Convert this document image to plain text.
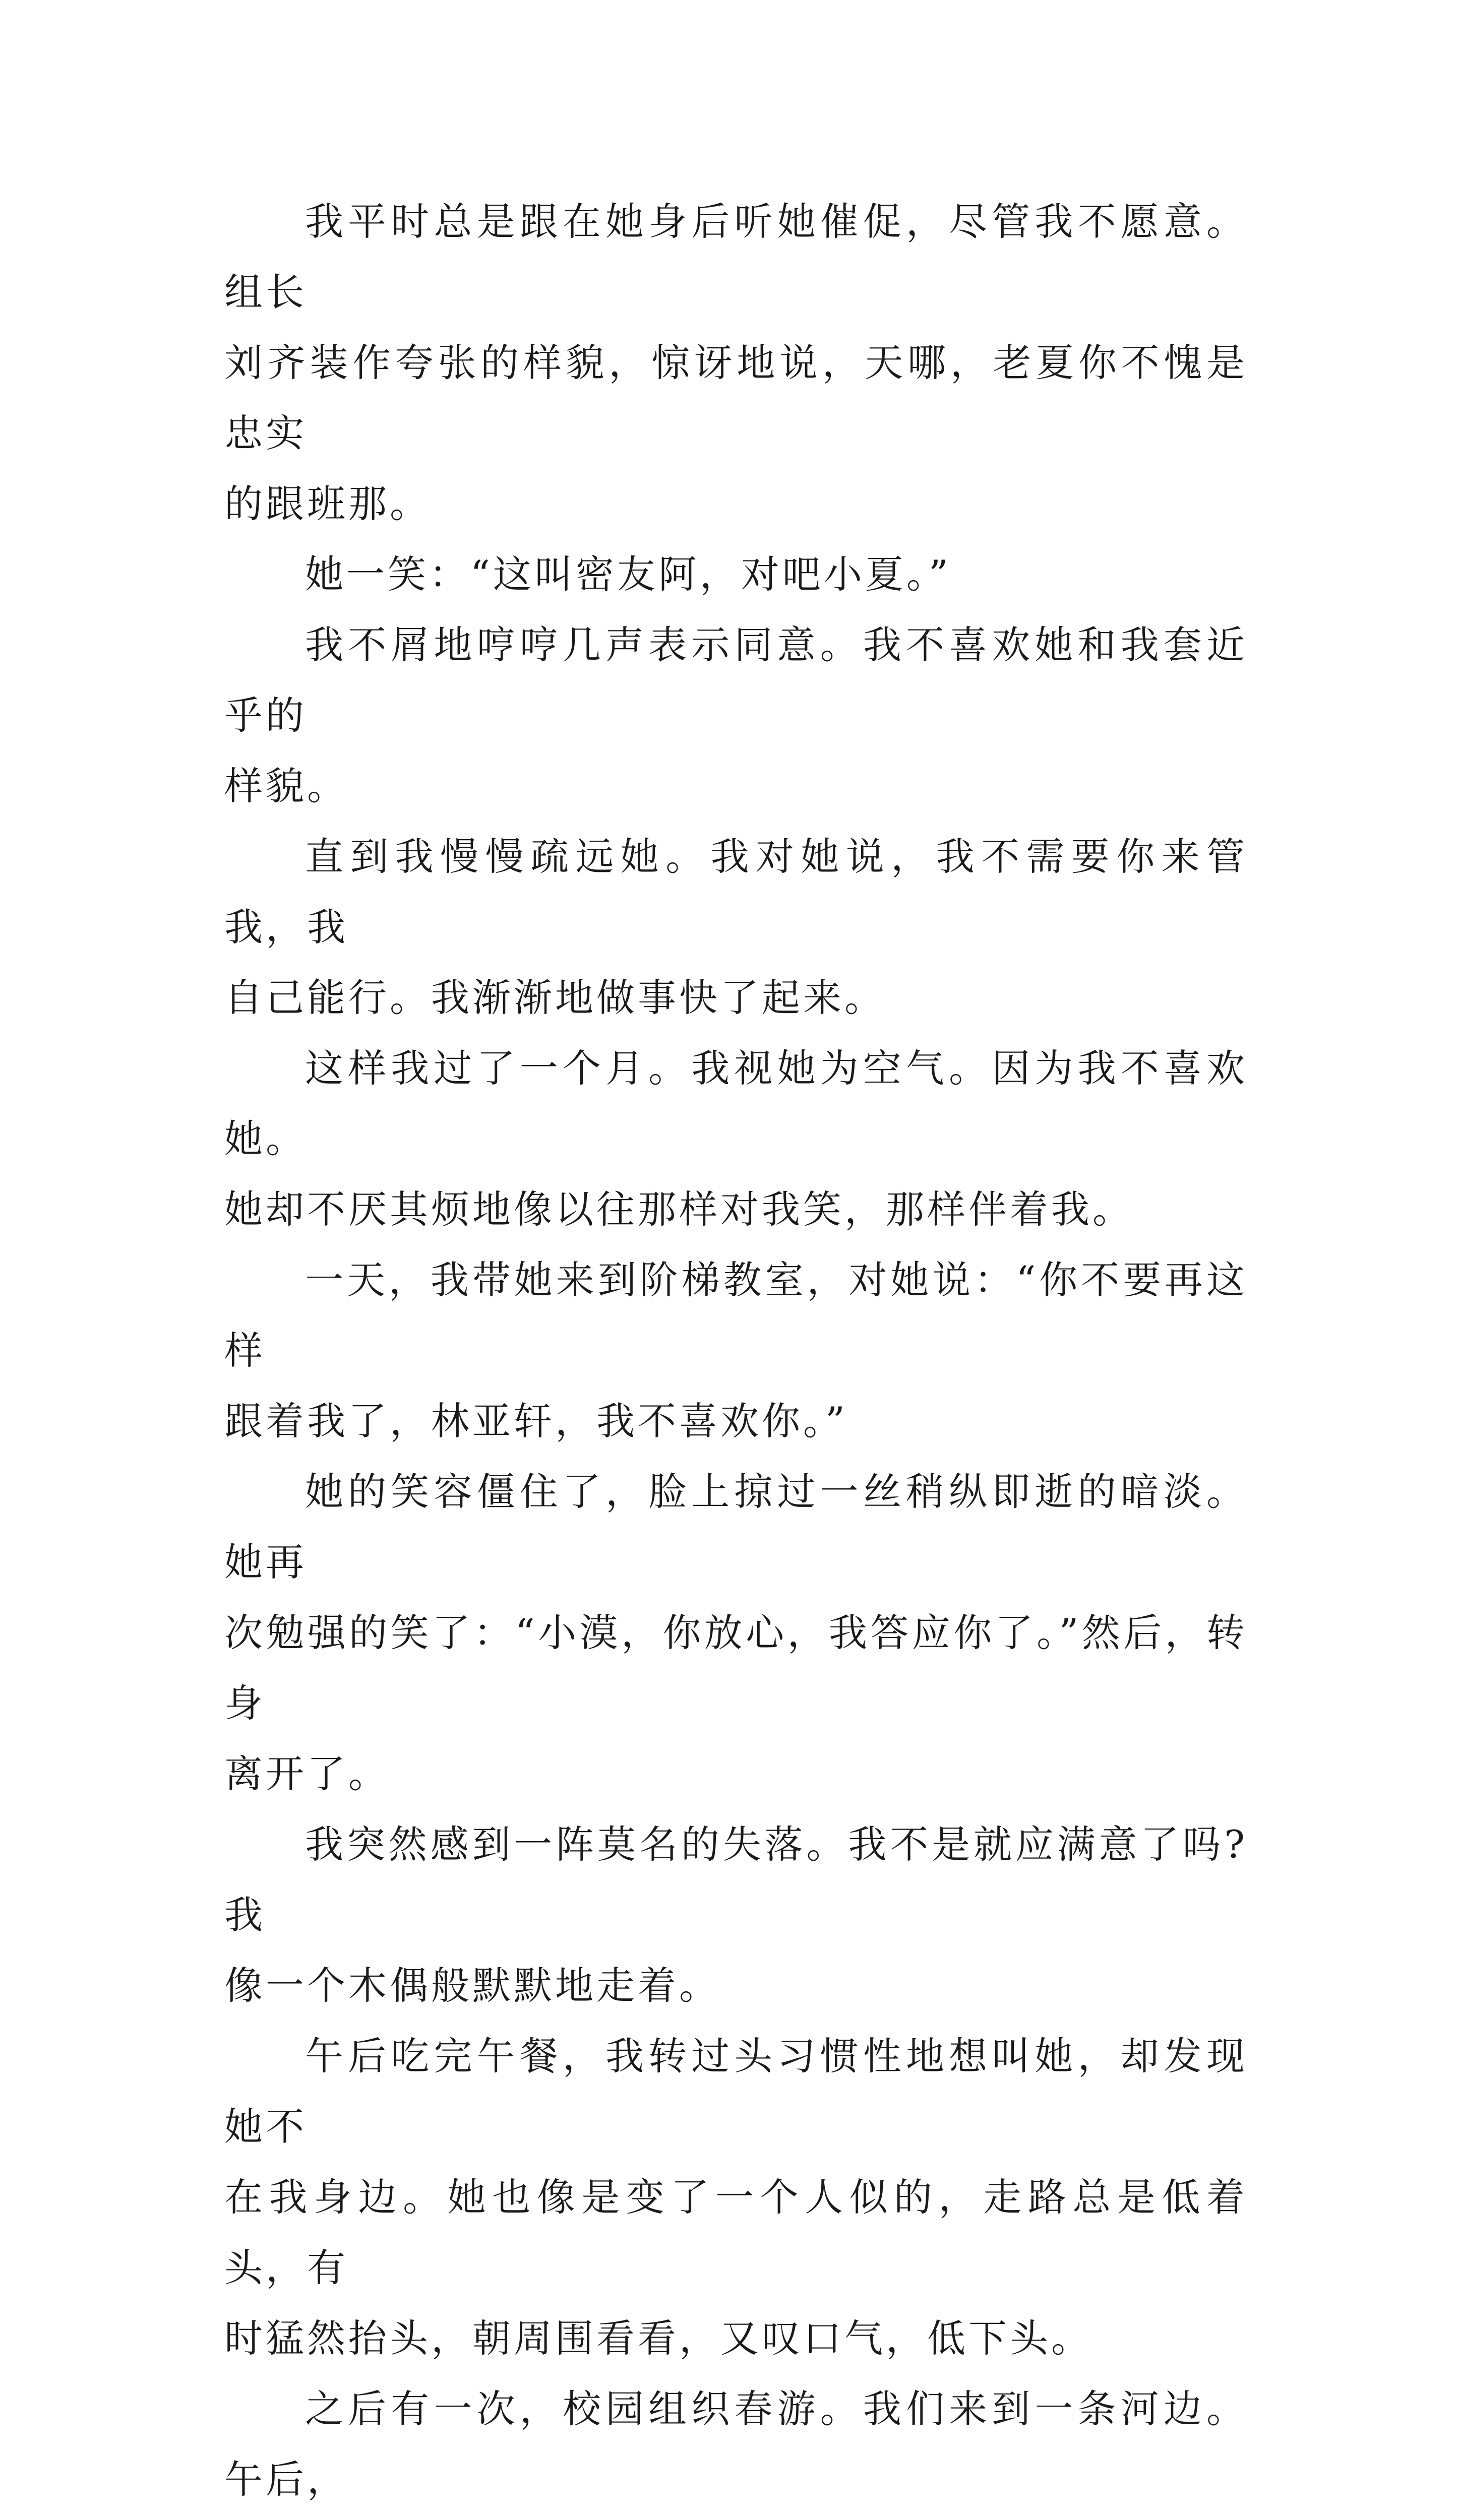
我平时总是跟在她身后听她催促，尽管我不愿意。组长
刘齐装作夸张的样貌，惊讶地说，天哪，老夏你不愧是忠实
的跟班那。

她一笑：“这叫密友阿，对吧小夏。”

我不屑地哼哼几声表示同意。我不喜欢她和我套近乎的
样貌。

直到我慢慢疏远她。我对她说，我不需要你来管我，我
自己能行。我渐渐地做事快了起来。

这样我过了一个月。我视她为空气。因为我不喜欢她。
她却不厌其烦地像以往那样对我笑，那样伴着我。

一天，我带她来到阶梯教室，对她说：“你不要再这样
跟着我了，林亚轩，我不喜欢你。”

她的笑容僵住了，脸上掠过一丝稍纵即逝的暗淡。她再
次勉强的笑了：“小漠，你放心，我答应你了。”然后，转身
离开了。

我突然感到一阵莫名的失落。我不是就应满意了吗?我
像一个木偶般默默地走着。

午后吃完午餐，我转过头习惯性地想叫她，却发现她不
在我身边。她也像是变了一个人似的，走路总是低着头，有
时猛然抬头，朝周围看看，又叹口气，低下头。

之后有一次，校园组织春游。我们来到一条河边。午后，
